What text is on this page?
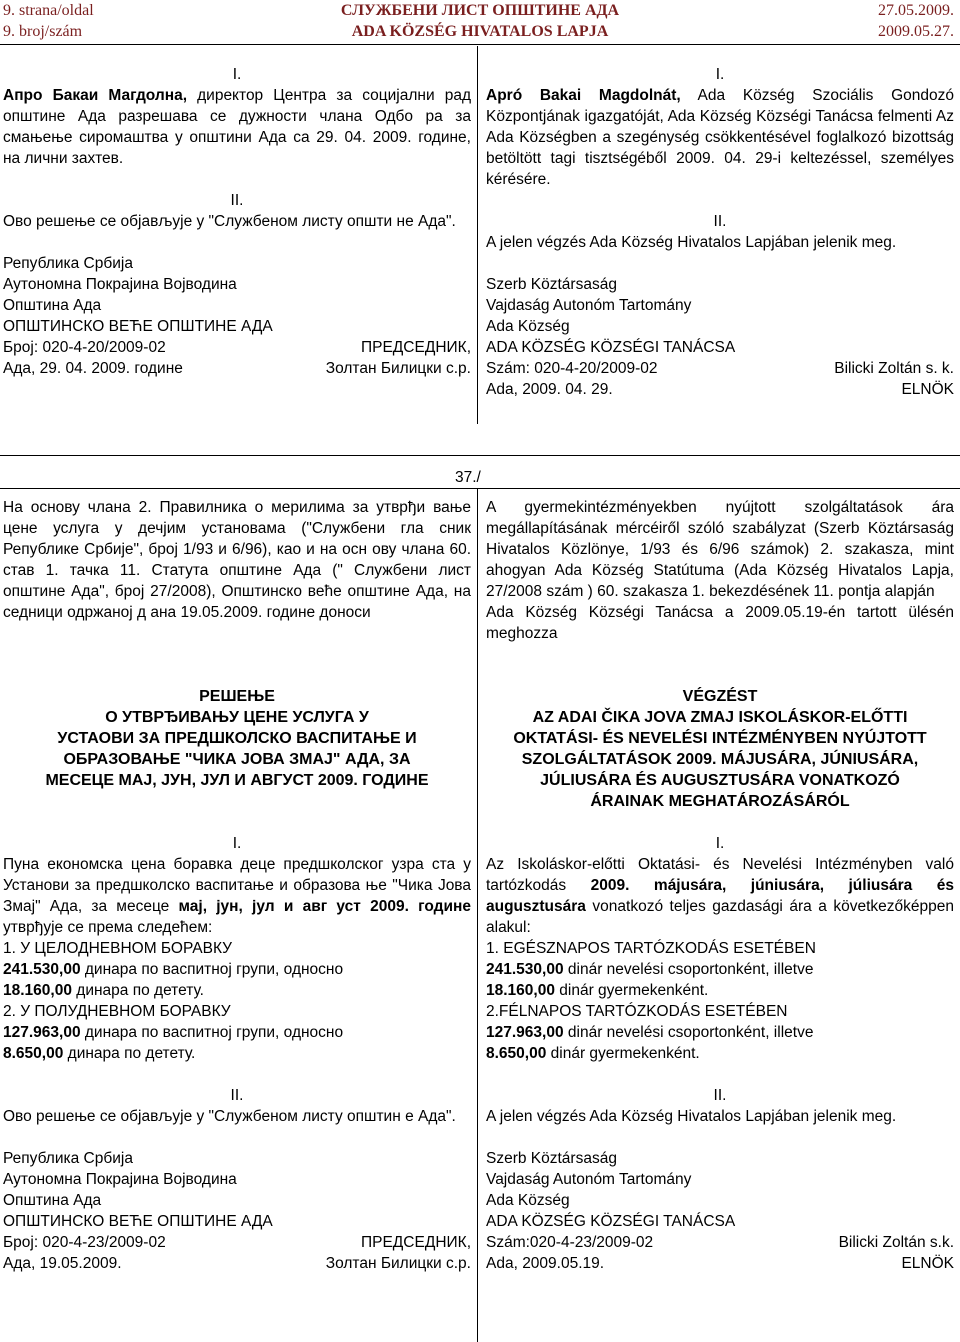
9. strana/oldal
9. broj/szám
СЛУЖБЕНИ ЛИСТ ОПШТИНЕ АДА
ADA KÖZSÉG HIVATALOS LAPJA
27.05.2009.
2009.05.27.

I.

Апро Бакаи Магдолна, директор Центра за социјални рад општине Ада разрешава се дужности члана Одбо ра за смањење сиромаштва у општини Ада са 29. 04. 2009. године, на лични захтев.

II.

Ово решење се објављује у "Службеном листу општи не Ада".

Република Србија

Аутономна Покрајина Војводина

Општина Ада

ОПШТИНСКО ВЕЋЕ ОПШТИНЕ АДА

Број: 020-4-20/2009-02	ПРЕДСЕДНИК,
Ада, 29. 04. 2009. године	Золтан Билицки с.р.

I.

Apró Bakai Magdolnát, Ada Község Szociális Gondozó Központjának igazgatóját, Ada Község Községi Tanácsa felmenti Az Ada Községben a szegénység csökkentésével foglalkozó bizottság betöltött tagi tisztségéből 2009. 04. 29-i keltezéssel, személyes kérésére.

II.

A jelen végzés Ada Község Hivatalos Lapjában jelenik meg.

Szerb Köztársaság

Vajdaság Autonóm Tartomány

Ada Község

ADA KÖZSÉG KÖZSÉGI TANÁCSA

Szám: 020-4-20/2009-02	Bilicki Zoltán s. k.
Ada, 2009. 04. 29.	ELNÖK
37./

На основу члана 2. Правилника о мерилима за утврђи вање цене услуга у дечјим установама ("Службени гла сник Републике Србије", број 1/93 и 6/96), као и на осн ову члана 60. став 1. тачка 11. Статута општине Ада (" Службени лист општине Ада", број 27/2008), Општинско веће општине Ада, на седници одржаној д ана 19.05.2009. године доноси

РЕШЕЊЕ
О УТВРЂИВАЊУ ЦЕНЕ УСЛУГА У
УСТАОВИ ЗА ПРЕДШКОЛСКО ВАСПИТАЊЕ И
ОБРАЗОВАЊЕ "ЧИКА ЈОВА ЗМАЈ" АДА, ЗА
МЕСЕЦЕ МАЈ, ЈУН, ЈУЛ И АВГУСТ 2009. ГОДИНЕ

I.

Пуна економска цена боравка деце предшколског узра ста у Установи за предшколско васпитање и образова ње "Чика Јова Змај" Ада, за месеце мај, јун, јул и авг уст 2009. године утврђује се према следећем:

1. У ЦЕЛОДНЕВНОМ БОРАВКУ

241.530,00 динара по васпитној групи, односно

18.160,00 динара по детету.

2. У ПОЛУДНЕВНОМ БОРАВКУ

127.963,00 динара по васпитној групи, односно

8.650,00 динара по детету.

II.

Ово решење се објављује у "Службеном листу општин е Ада".

Република Србија

Аутономна Покрајина Војводина

Општина Ада

ОПШТИНСКО ВЕЋЕ ОПШТИНЕ АДА

Број: 020-4-23/2009-02	ПРЕДСЕДНИК,
Ада, 19.05.2009.	Золтан Билицки с.р.

A gyermekintézményekben nyújtott szolgáltatások ára megállapításának mércéiről szóló szabályzat (Szerb Köztársaság Hivatalos Közlönye, 1/93 és 6/96 számok) 2. szakasza, mint ahogyan Ada Község Statútuma (Ada Község Hivatalos Lapja, 27/2008 szám ) 60. szakasza 1. bekezdésének 11. pontja alapján

Ada Község Községi Tanácsa a 2009.05.19-én tartott ülésén meghozza

VÉGZÉST
AZ ADAI ČIKA JOVA ZMAJ ISKOLÁSKOR-ELŐTTI
OKTATÁSI- ÉS NEVELÉSI INTÉZMÉNYBEN NYÚJTOTT
SZOLGÁLTATÁSOK 2009. MÁJUSÁRA, JÚNIUSÁRA,
JÚLIUSÁRA ÉS AUGUSZTUSÁRA VONATKOZÓ
ÁRAINAK MEGHATÁROZÁSÁRÓL

I.

Az Iskoláskor-előtti Oktatási- és Nevelési Intézményben való tartózkodás 2009. májusára, júniusára, júliusára és augusztusára vonatkozó teljes gazdasági ára a következőképpen alakul:

1. EGÉSZNAPOS TARTÓZKODÁS ESETÉBEN

241.530,00 dinár nevelési csoportonként, illetve

18.160,00 dinár gyermekenként.

2.FÉLNAPOS TARTÓZKODÁS ESETÉBEN

127.963,00 dinár nevelési csoportonként, illetve

8.650,00 dinár gyermekenként.

II.

A jelen végzés Ada Község Hivatalos Lapjában jelenik meg.

Szerb Köztársaság

Vajdaság Autonóm Tartomány

Ada Község

ADA KÖZSÉG KÖZSÉGI TANÁCSA

Szám:020-4-23/2009-02	Bilicki Zoltán s.k.
Ada, 2009.05.19.	ELNÖK
